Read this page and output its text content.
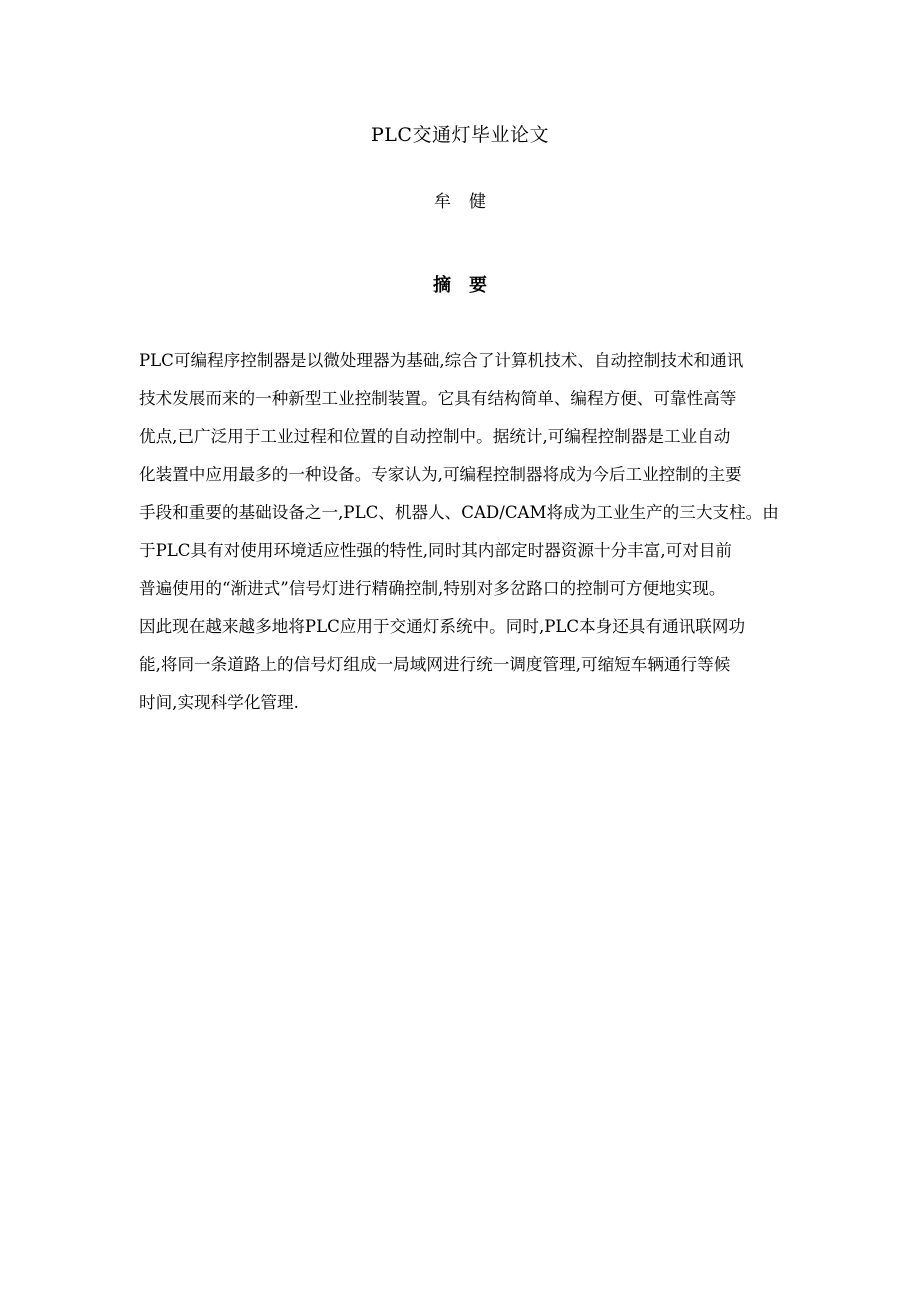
PLC交通灯毕业论文
牟健
摘要
PLC可编程序控制器是以微处理器为基础,综合了计算机技术、自动控制技术和通讯
技术发展而来的一种新型工业控制装置。它具有结构简单、编程方便、可靠性高等
优点,已广泛用于工业过程和位置的自动控制中。据统计,可编程控制器是工业自动
化装置中应用最多的一种设备。专家认为,可编程控制器将成为今后工业控制的主要
手段和重要的基础设备之一,PLC、机器人、CAD/CAM将成为工业生产的三大支柱。由
于PLC具有对使用环境适应性强的特性,同时其内部定时器资源十分丰富,可对目前
普遍使用的“渐进式”信号灯进行精确控制,特别对多岔路口的控制可方便地实现。
因此现在越来越多地将PLC应用于交通灯系统中。同时,PLC本身还具有通讯联网功
能,将同一条道路上的信号灯组成一局域网进行统一调度管理,可缩短车辆通行等候
时间,实现科学化管理.
